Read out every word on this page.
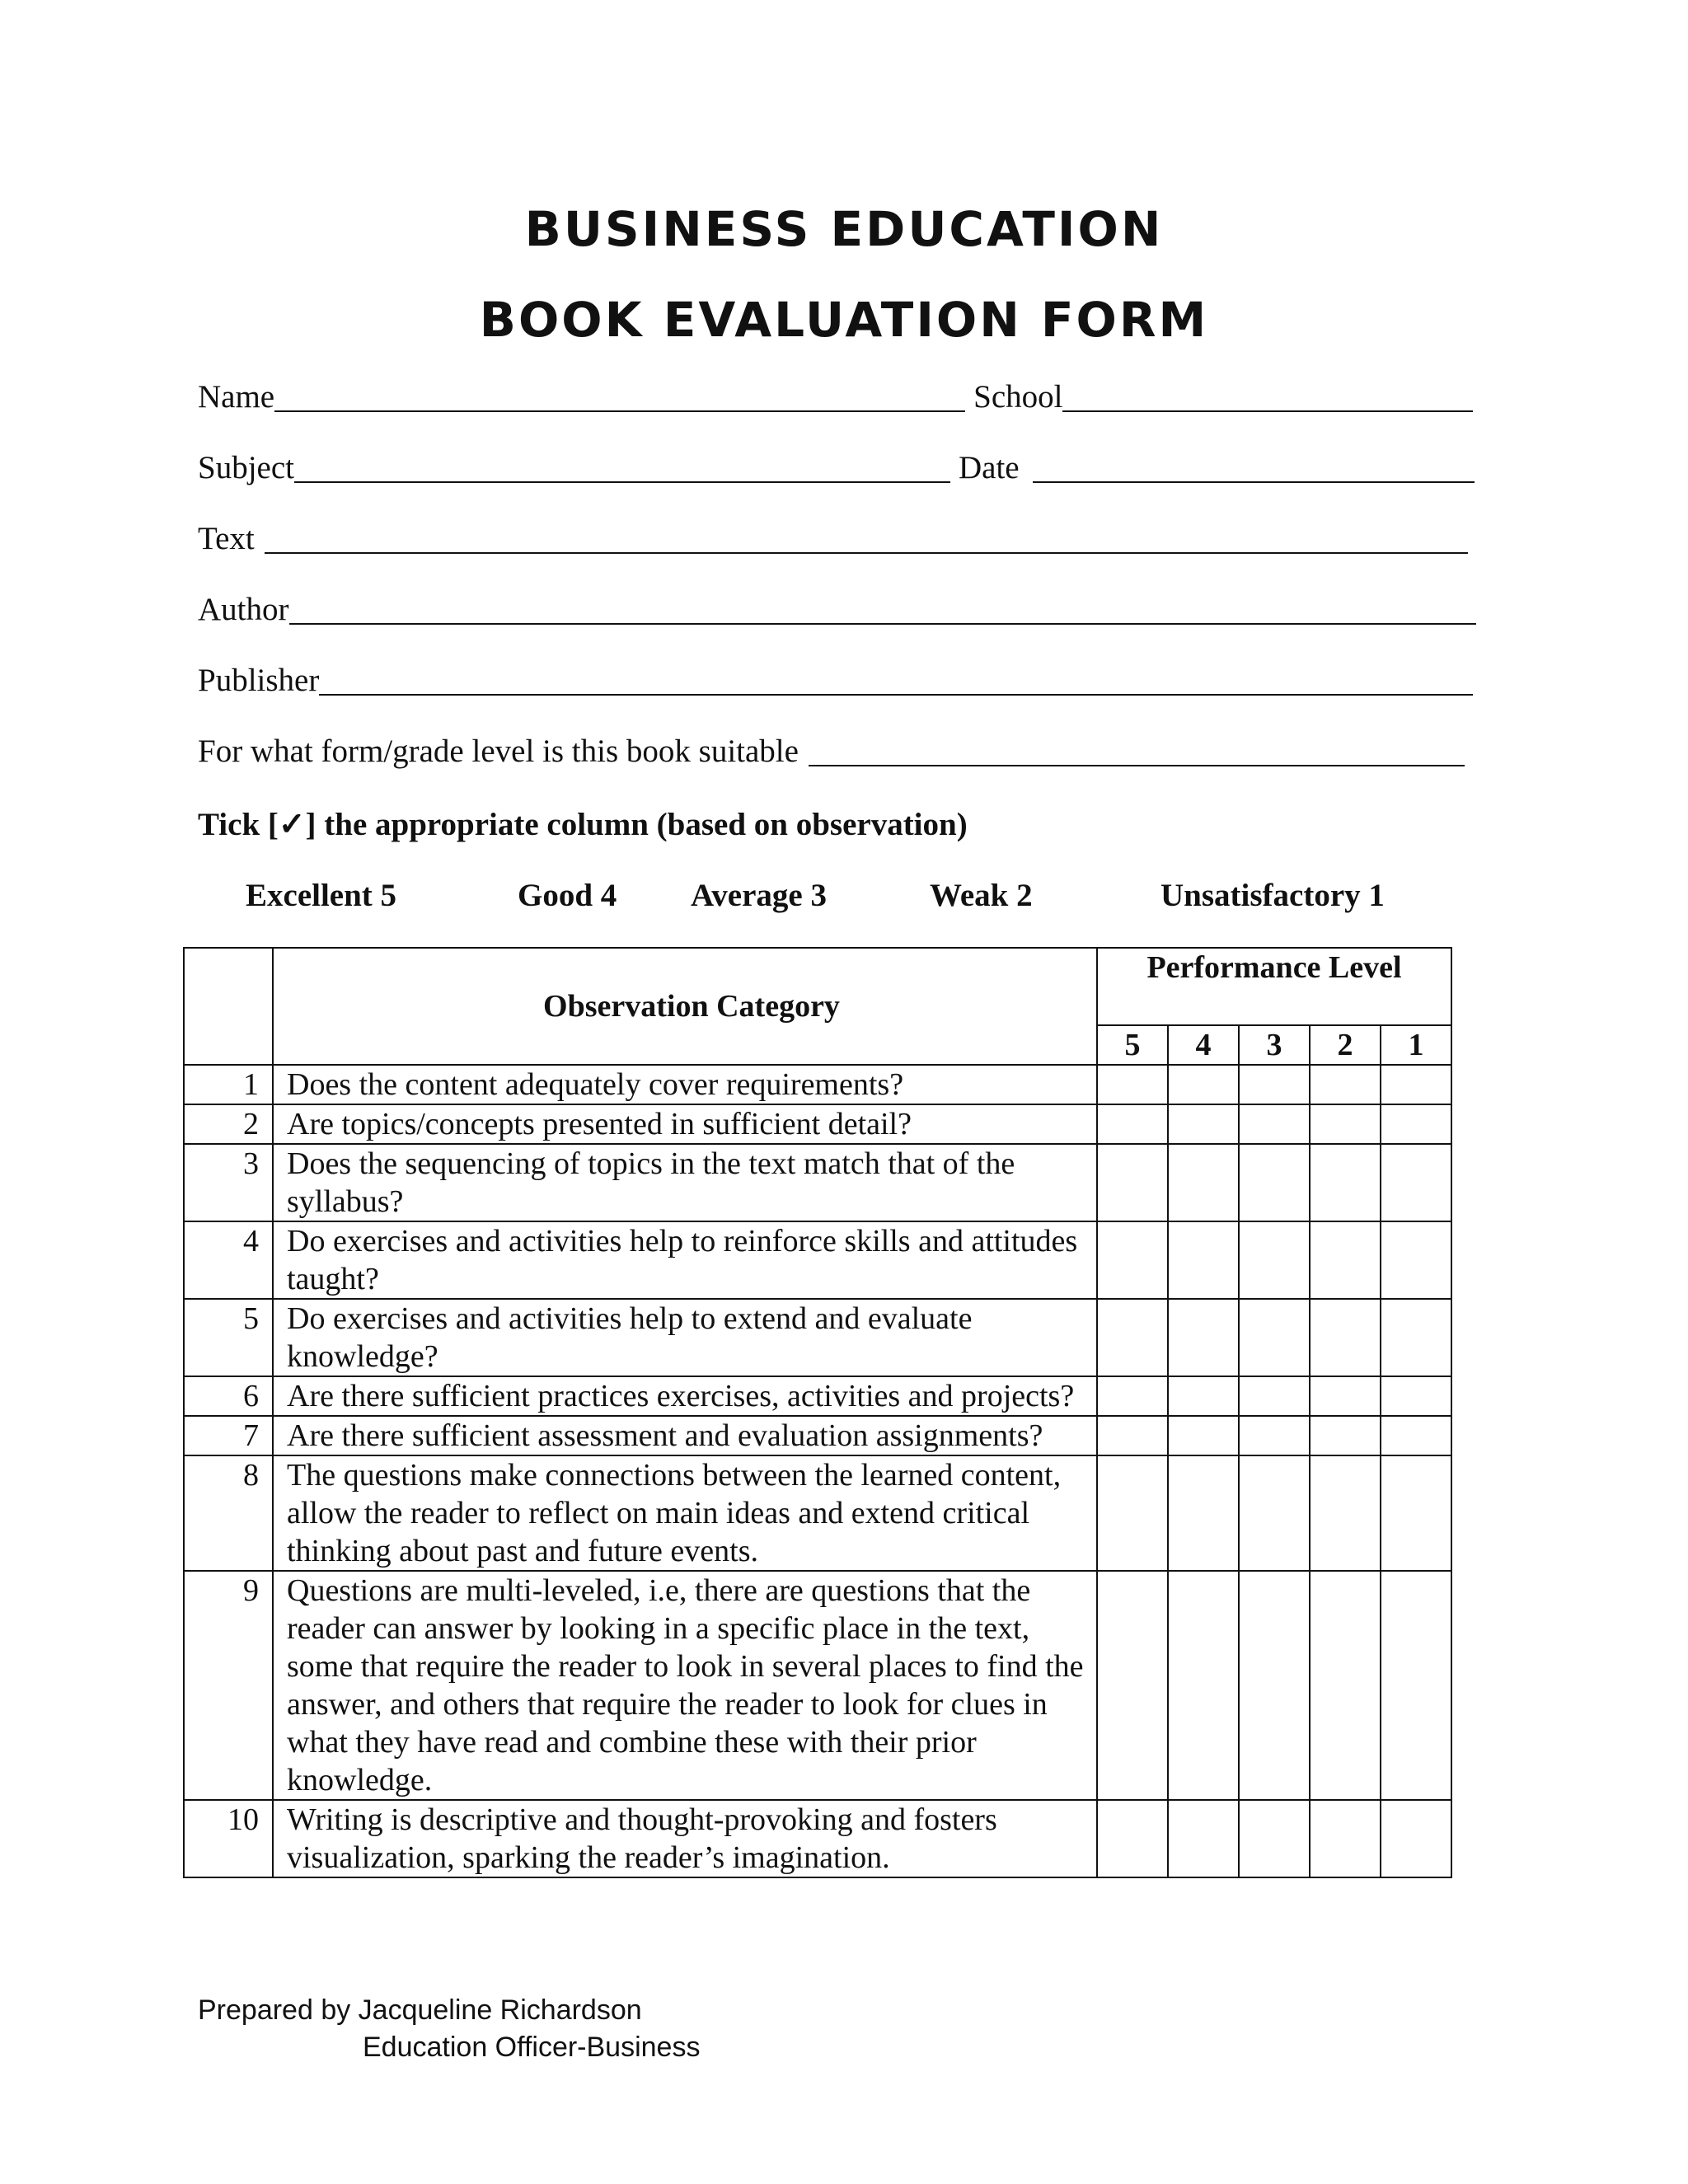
BUSINESS EDUCATION
BOOK EVALUATION FORM
Name	School
Subject	Date
Text
Author
Publisher
For what form/grade level is this book suitable
Tick [✓] the appropriate column (based on observation)
Excellent 5	Good 4 Average 3	Weak 2	Unsatisfactory 1
	Observation Category	Performance Level				
		5	4	3	2	1
1	Does the content adequately cover requirements?					
2	Are topics/concepts presented in sufficient detail?					
3	Does the sequencing of topics in the text match that of the syllabus?					
4	Do exercises and activities help to reinforce skills and attitudes taught?					
5	Do exercises and activities help to extend and evaluate knowledge?					
6	Are there sufficient practices exercises, activities and projects?					
7	Are there sufficient assessment and evaluation assignments?					
8	The questions make connections between the learned content, allow the reader to reflect on main ideas and extend critical thinking about past and future events.					
9	Questions are multi-leveled, i.e, there are questions that the reader can answer by looking in a specific place in the text, some that require the reader to look in several places to find the answer, and others that require the reader to look for clues in what they have read and combine these with their prior knowledge.					
10	Writing is descriptive and thought-provoking and fosters visualization, sparking the reader’s imagination.					
Prepared by Jacqueline Richardson
Education Officer-Business
